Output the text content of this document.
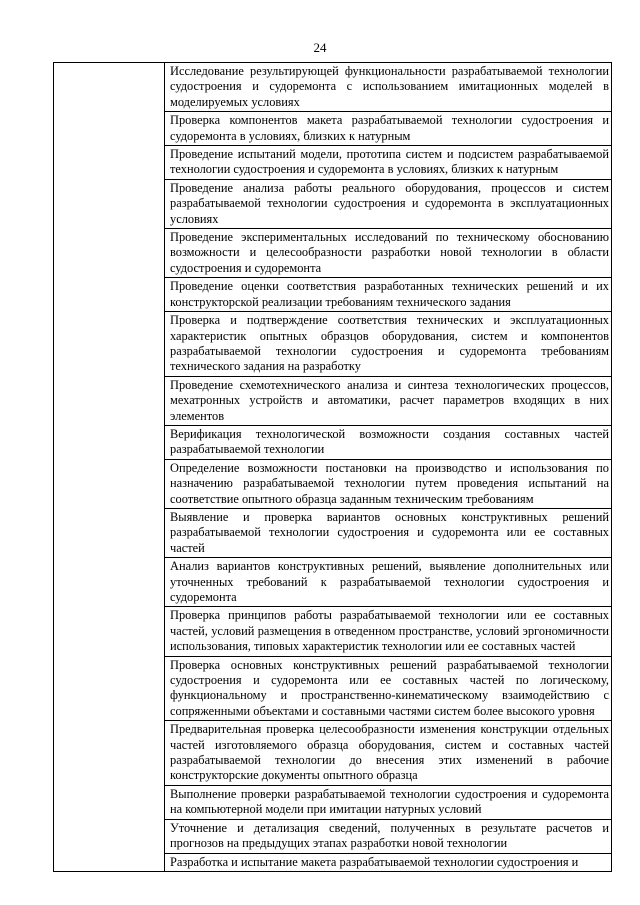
24

Исследование результирующей функциональности разрабатываемой технологии судостроения и судоремонта с использованием имитационных моделей в моделируемых условиях

Проверка компонентов макета разрабатываемой технологии судостроения и судоремонта в условиях, близких к натурным

Проведение испытаний модели, прототипа систем и подсистем разрабатываемой технологии судостроения и судоремонта в условиях, близких к натурным

Проведение анализа работы реального оборудования, процессов и систем разрабатываемой технологии судостроения и судоремонта в эксплуатационных условиях

Проведение экспериментальных исследований по техническому обоснованию возможности и целесообразности разработки новой технологии в области судостроения и судоремонта

Проведение оценки соответствия разработанных технических решений и их конструкторской реализации требованиям технического задания

Проверка и подтверждение соответствия технических и эксплуатационных характеристик опытных образцов оборудования, систем и компонентов разрабатываемой технологии судостроения и судоремонта требованиям технического задания на разработку

Проведение схемотехнического анализа и синтеза технологических процессов, мехатронных устройств и автоматики, расчет параметров входящих в них элементов

Верификация технологической возможности создания составных частей разрабатываемой технологии

Определение возможности постановки на производство и использования по назначению разрабатываемой технологии путем проведения испытаний на соответствие опытного образца заданным техническим требованиям

Выявление и проверка вариантов основных конструктивных решений разрабатываемой технологии судостроения и судоремонта или ее составных частей

Анализ вариантов конструктивных решений, выявление дополнительных или уточненных требований к разрабатываемой технологии судостроения и судоремонта

Проверка принципов работы разрабатываемой технологии или ее составных частей, условий размещения в отведенном пространстве, условий эргономичности использования, типовых характеристик технологии или ее составных частей

Проверка основных конструктивных решений разрабатываемой технологии судостроения и судоремонта или ее составных частей по логическому, функциональному и пространственно-кинематическому взаимодействию с сопряженными объектами и составными частями систем более высокого уровня

Предварительная проверка целесообразности изменения конструкции отдельных частей изготовляемого образца оборудования, систем и составных частей разрабатываемой технологии до внесения этих изменений в рабочие конструкторские документы опытного образца

Выполнение проверки разрабатываемой технологии судостроения и судоремонта на компьютерной модели при имитации натурных условий

Уточнение и детализация сведений, полученных в результате расчетов и прогнозов на предыдущих этапах разработки новой технологии

Разработка и испытание макета разрабатываемой технологии судостроения и
